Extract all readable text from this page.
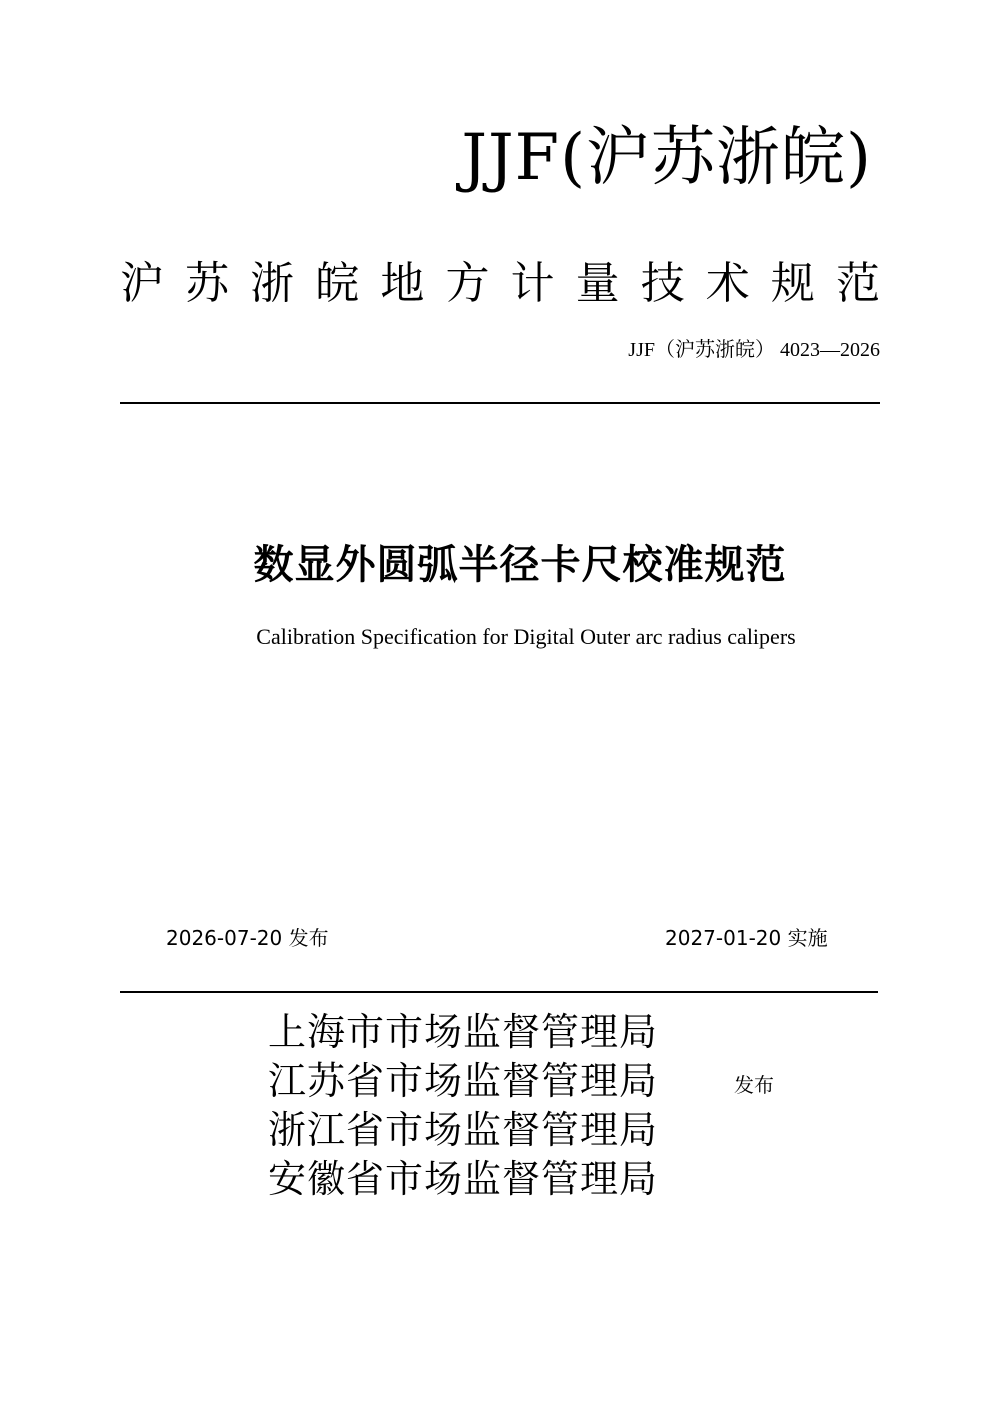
JJF(沪苏浙皖)
沪 苏 浙 皖 地 方 计 量 技 术 规 范
JJF（沪苏浙皖） 4023—2026
数显外圆弧半径卡尺校准规范
Calibration Specification for Digital Outer arc radius calipers
2026-07-20 发布	2027-01-20 实施
上海市市场监督管理局
江苏省市场监督管理局
浙江省市场监督管理局
安徽省市场监督管理局
发布
